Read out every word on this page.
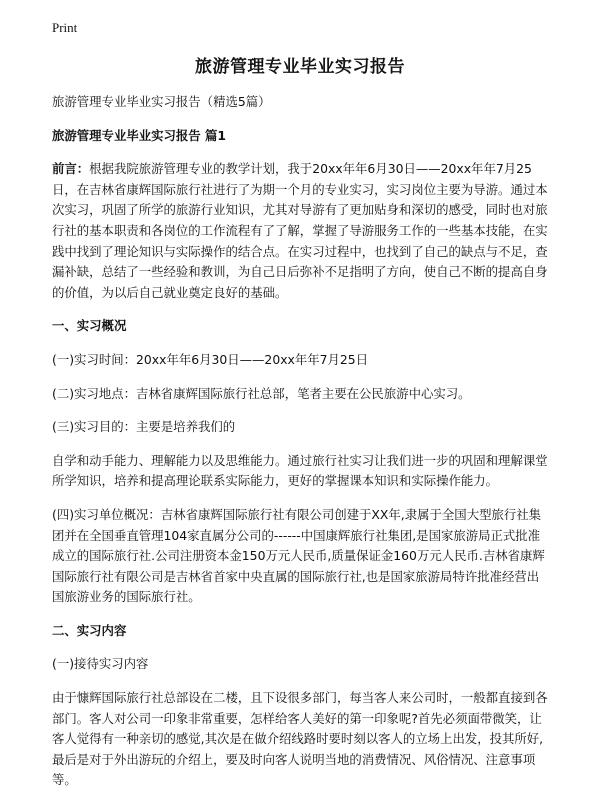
Print
旅游管理专业毕业实习报告
旅游管理专业毕业实习报告（精选5篇）
旅游管理专业毕业实习报告 篇1

前言：根据我院旅游管理专业的教学计划，我于20xx年年6月30日——20xx年年7月25日，在吉林省康辉国际旅行社进行了为期一个月的专业实习，实习岗位主要为导游。通过本次实习，巩固了所学的旅游行业知识，尤其对导游有了更加贴身和深切的感受，同时也对旅行社的基本职责和各岗位的工作流程有了了解，掌握了导游服务工作的一些基本技能，在实践中找到了理论知识与实际操作的结合点。在实习过程中，也找到了自己的缺点与不足，查漏补缺，总结了一些经验和教训，为自己日后弥补不足指明了方向，使自己不断的提高自身的价值，为以后自己就业奠定良好的基础。

一、实习概况

(一)实习时间：20xx年年6月30日——20xx年年7月25日

(二)实习地点：吉林省康辉国际旅行社总部，笔者主要在公民旅游中心实习。

(三)实习目的：主要是培养我们的

自学和动手能力、理解能力以及思维能力。通过旅行社实习让我们进一步的巩固和理解课堂所学知识，培养和提高理论联系实际能力，更好的掌握课本知识和实际操作能力。

(四)实习单位概况：吉林省康辉国际旅行社有限公司创建于XX年,隶属于全国大型旅行社集团并在全国垂直管理104家直属分公司的------中国康辉旅行社集团,是国家旅游局正式批准成立的国际旅行社.公司注册资本金150万元人民币,质量保证金160万元人民币.吉林省康辉国际旅行社有限公司是吉林省首家中央直属的国际旅行社,也是国家旅游局特许批准经营出国旅游业务的国际旅行社。

二、实习内容

(一)接待实习内容

由于慷辉国际旅行社总部设在二楼，且下设很多部门，每当客人来公司时，一般都直接到各部门。客人对公司一印象非常重要，怎样给客人美好的第一印象呢?首先必须面带微笑，让客人觉得有一种亲切的感觉,其次是在做介绍线路时要时刻以客人的立场上出发，投其所好,最后是对于外出游玩的介绍上，要及时向客人说明当地的消费情况、风俗情况、注意事项等。
